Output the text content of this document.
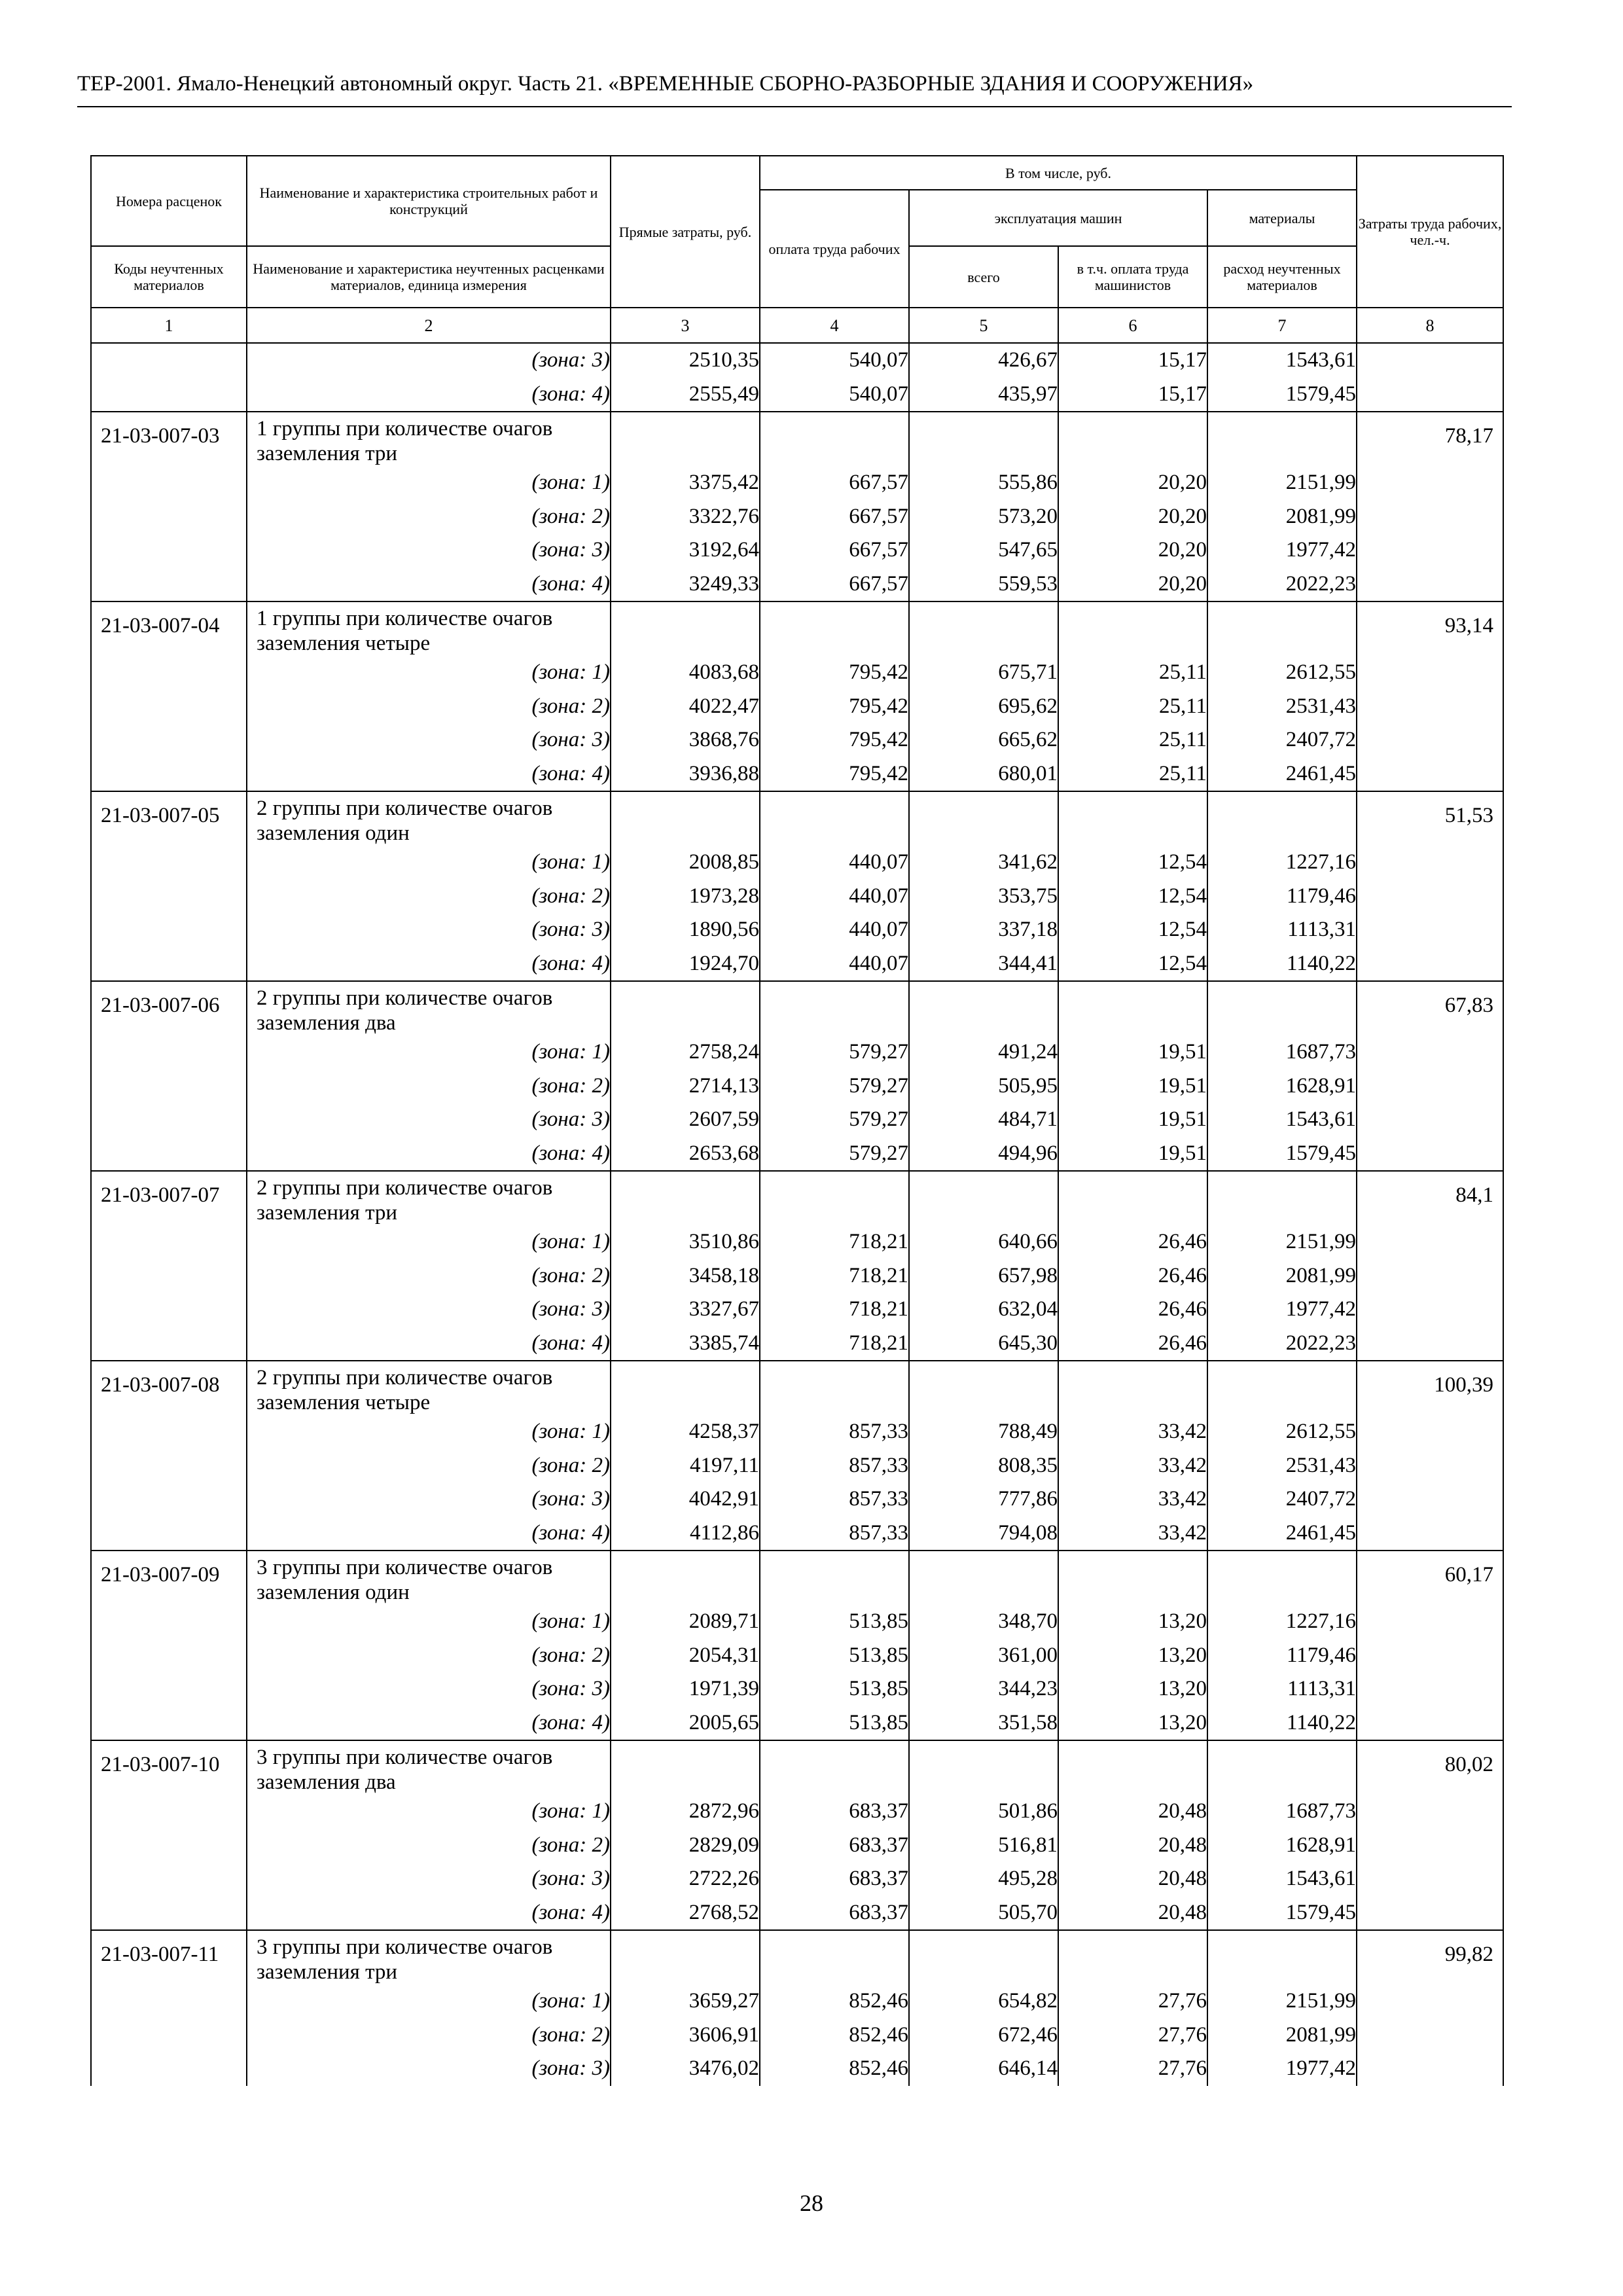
ТЕР-2001. Ямало-Ненецкий автономный округ. Часть 21. «ВРЕМЕННЫЕ СБОРНО-РАЗБОРНЫЕ ЗДАНИЯ И СООРУЖЕНИЯ»
Номера расценок	Наименование и характеристика строительных работ и конструкций	Прямые затраты, руб.	В том числе, руб.				Затраты труда рабочих, чел.-ч.
			оплата труда рабочих	эксплуатация машин		материалы	
Коды неучтенных материалов	Наименование и характеристика неучтенных расценками материалов, единица измерения			всего	в т.ч. оплата труда машинистов	расход неучтенных материалов	
1	2	3	4	5	6	7	8
	(зона: 3)	2510,35	540,07	426,67	15,17	1543,61	
	(зона: 4)	2555,49	540,07	435,97	15,17	1579,45	
21-03-007-03	1 группы при количестве очагов заземления три						78,17
	(зона: 1)	3375,42	667,57	555,86	20,20	2151,99	
	(зона: 2)	3322,76	667,57	573,20	20,20	2081,99	
	(зона: 3)	3192,64	667,57	547,65	20,20	1977,42	
	(зона: 4)	3249,33	667,57	559,53	20,20	2022,23	
21-03-007-04	1 группы при количестве очагов заземления четыре						93,14
	(зона: 1)	4083,68	795,42	675,71	25,11	2612,55	
	(зона: 2)	4022,47	795,42	695,62	25,11	2531,43	
	(зона: 3)	3868,76	795,42	665,62	25,11	2407,72	
	(зона: 4)	3936,88	795,42	680,01	25,11	2461,45	
21-03-007-05	2 группы при количестве очагов заземления один						51,53
	(зона: 1)	2008,85	440,07	341,62	12,54	1227,16	
	(зона: 2)	1973,28	440,07	353,75	12,54	1179,46	
	(зона: 3)	1890,56	440,07	337,18	12,54	1113,31	
	(зона: 4)	1924,70	440,07	344,41	12,54	1140,22	
21-03-007-06	2 группы при количестве очагов заземления два						67,83
	(зона: 1)	2758,24	579,27	491,24	19,51	1687,73	
	(зона: 2)	2714,13	579,27	505,95	19,51	1628,91	
	(зона: 3)	2607,59	579,27	484,71	19,51	1543,61	
	(зона: 4)	2653,68	579,27	494,96	19,51	1579,45	
21-03-007-07	2 группы при количестве очагов заземления три						84,1
	(зона: 1)	3510,86	718,21	640,66	26,46	2151,99	
	(зона: 2)	3458,18	718,21	657,98	26,46	2081,99	
	(зона: 3)	3327,67	718,21	632,04	26,46	1977,42	
	(зона: 4)	3385,74	718,21	645,30	26,46	2022,23	
21-03-007-08	2 группы при количестве очагов заземления четыре						100,39
	(зона: 1)	4258,37	857,33	788,49	33,42	2612,55	
	(зона: 2)	4197,11	857,33	808,35	33,42	2531,43	
	(зона: 3)	4042,91	857,33	777,86	33,42	2407,72	
	(зона: 4)	4112,86	857,33	794,08	33,42	2461,45	
21-03-007-09	3 группы при количестве очагов заземления один						60,17
	(зона: 1)	2089,71	513,85	348,70	13,20	1227,16	
	(зона: 2)	2054,31	513,85	361,00	13,20	1179,46	
	(зона: 3)	1971,39	513,85	344,23	13,20	1113,31	
	(зона: 4)	2005,65	513,85	351,58	13,20	1140,22	
21-03-007-10	3 группы при количестве очагов заземления два						80,02
	(зона: 1)	2872,96	683,37	501,86	20,48	1687,73	
	(зона: 2)	2829,09	683,37	516,81	20,48	1628,91	
	(зона: 3)	2722,26	683,37	495,28	20,48	1543,61	
	(зона: 4)	2768,52	683,37	505,70	20,48	1579,45	
21-03-007-11	3 группы при количестве очагов заземления три						99,82
	(зона: 1)	3659,27	852,46	654,82	27,76	2151,99	
	(зона: 2)	3606,91	852,46	672,46	27,76	2081,99	
	(зона: 3)	3476,02	852,46	646,14	27,76	1977,42	
28
